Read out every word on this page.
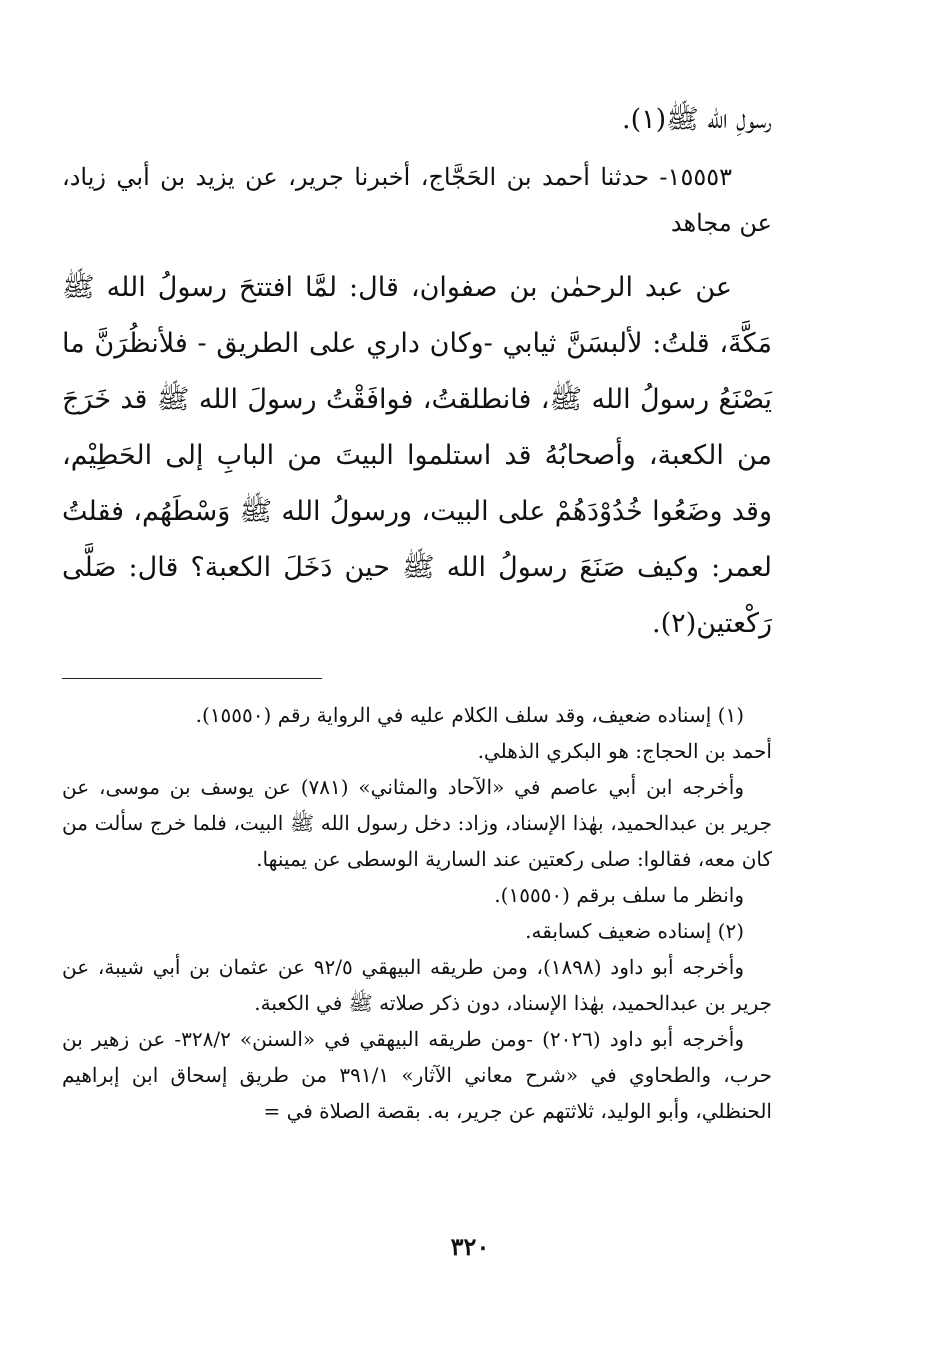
رسولِ الله ﷺ(١).

١٥٥٥٣- حدثنا أحمد بن الحَجَّاج، أخبرنا جرير، عن يزيد بن أبي زياد، عن مجاهد

عن عبد الرحمٰن بن صفوان، قال: لمَّا افتتحَ رسولُ الله ﷺ مَكَّةَ، قلتُ: لألبسَنَّ ثيابي -وكان داري على الطريق - فلأنظُرَنَّ ما يَصْنَعُ رسولُ الله ﷺ، فانطلقتُ، فوافَقْتُ رسولَ الله ﷺ قد خَرَجَ من الكعبة، وأصحابُهُ قد استلموا البيتَ من البابِ إلى الحَطِيْم، وقد وضَعُوا خُدُوْدَهُمْ على البيت، ورسولُ الله ﷺ وَسْطَهُم، فقلتُ لعمر: وكيف صَنَعَ رسولُ الله ﷺ حين دَخَلَ الكعبة؟ قال: صَلَّى رَكْعتين(٢).

(١) إسناده ضعيف، وقد سلف الكلام عليه في الرواية رقم (١٥٥٥٠).

أحمد بن الحجاج: هو البكري الذهلي.

وأخرجه ابن أبي عاصم في «الآحاد والمثاني» (٧٨١) عن يوسف بن موسى، عن جرير بن عبدالحميد، بهٰذا الإسناد، وزاد: دخل رسول الله ﷺ البيت، فلما خرج سألت من كان معه، فقالوا: صلى ركعتين عند السارية الوسطى عن يمينها.

وانظر ما سلف برقم (١٥٥٥٠).

(٢) إسناده ضعيف كسابقه.

وأخرجه أبو داود (١٨٩٨)، ومن طريقه البيهقي ٩٢/٥ عن عثمان بن أبي شيبة، عن جرير بن عبدالحميد، بهٰذا الإسناد، دون ذكر صلاته ﷺ في الكعبة.

وأخرجه أبو داود (٢٠٢٦) -ومن طريقه البيهقي في «السنن» ٣٢٨/٢- عن زهير بن حرب، والطحاوي في «شرح معاني الآثار» ٣٩١/١ من طريق إسحاق ابن إبراهيم الحنظلي، وأبو الوليد، ثلاثتهم عن جرير، به. بقصة الصلاة في =

٣٢٠
